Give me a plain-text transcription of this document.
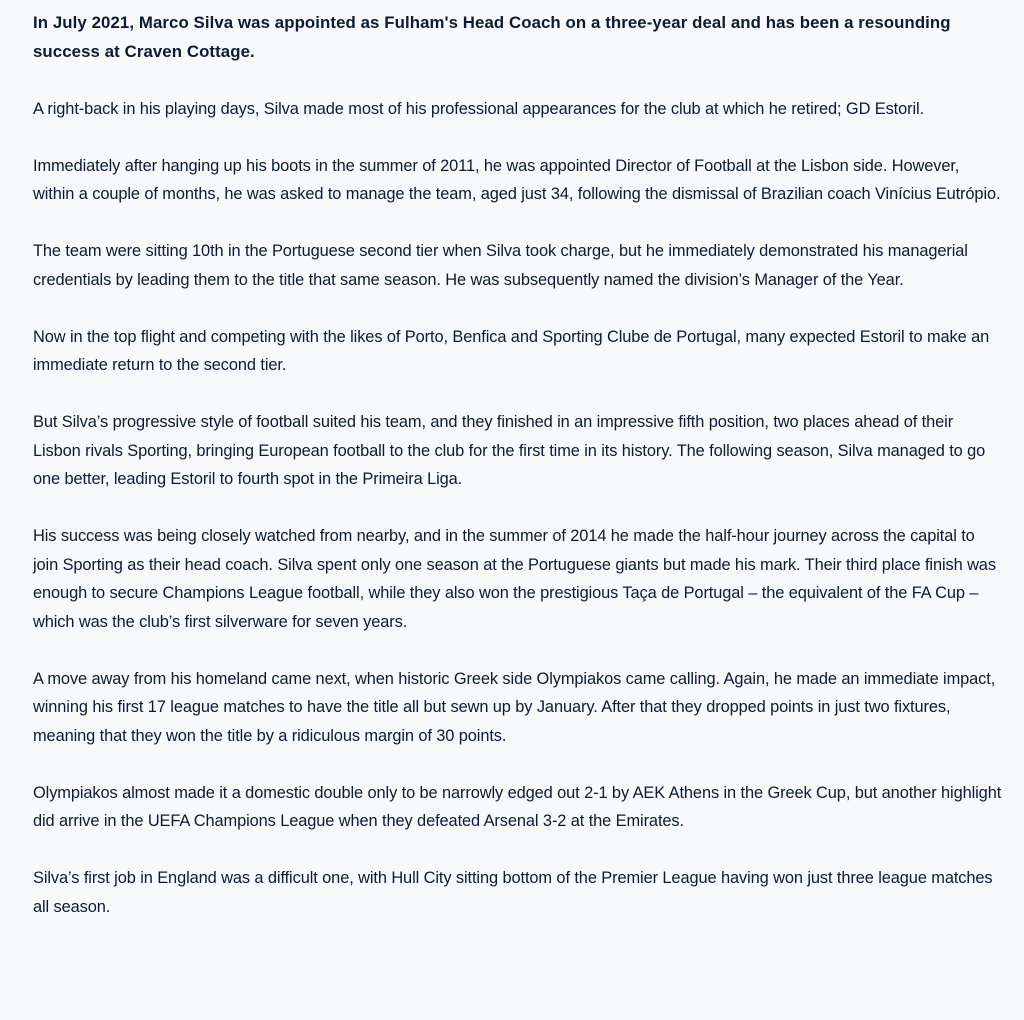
In July 2021, Marco Silva was appointed as Fulham's Head Coach on a three-year deal and has been a resounding success at Craven Cottage.

A right-back in his playing days, Silva made most of his professional appearances for the club at which he retired; GD Estoril.

Immediately after hanging up his boots in the summer of 2011, he was appointed Director of Football at the Lisbon side. However, within a couple of months, he was asked to manage the team, aged just 34, following the dismissal of Brazilian coach Vinícius Eutrópio.

The team were sitting 10th in the Portuguese second tier when Silva took charge, but he immediately demonstrated his managerial credentials by leading them to the title that same season. He was subsequently named the division’s Manager of the Year.

Now in the top flight and competing with the likes of Porto, Benfica and Sporting Clube de Portugal, many expected Estoril to make an immediate return to the second tier.

But Silva’s progressive style of football suited his team, and they finished in an impressive fifth position, two places ahead of their Lisbon rivals Sporting, bringing European football to the club for the first time in its history. The following season, Silva managed to go one better, leading Estoril to fourth spot in the Primeira Liga.

His success was being closely watched from nearby, and in the summer of 2014 he made the half-hour journey across the capital to join Sporting as their head coach. Silva spent only one season at the Portuguese giants but made his mark. Their third place finish was enough to secure Champions League football, while they also won the prestigious Taça de Portugal – the equivalent of the FA Cup – which was the club’s first silverware for seven years.

A move away from his homeland came next, when historic Greek side Olympiakos came calling. Again, he made an immediate impact, winning his first 17 league matches to have the title all but sewn up by January. After that they dropped points in just two fixtures, meaning that they won the title by a ridiculous margin of 30 points.

Olympiakos almost made it a domestic double only to be narrowly edged out 2-1 by AEK Athens in the Greek Cup, but another highlight did arrive in the UEFA Champions League when they defeated Arsenal 3-2 at the Emirates.

Silva’s first job in England was a difficult one, with Hull City sitting bottom of the Premier League having won just three league matches all season.
